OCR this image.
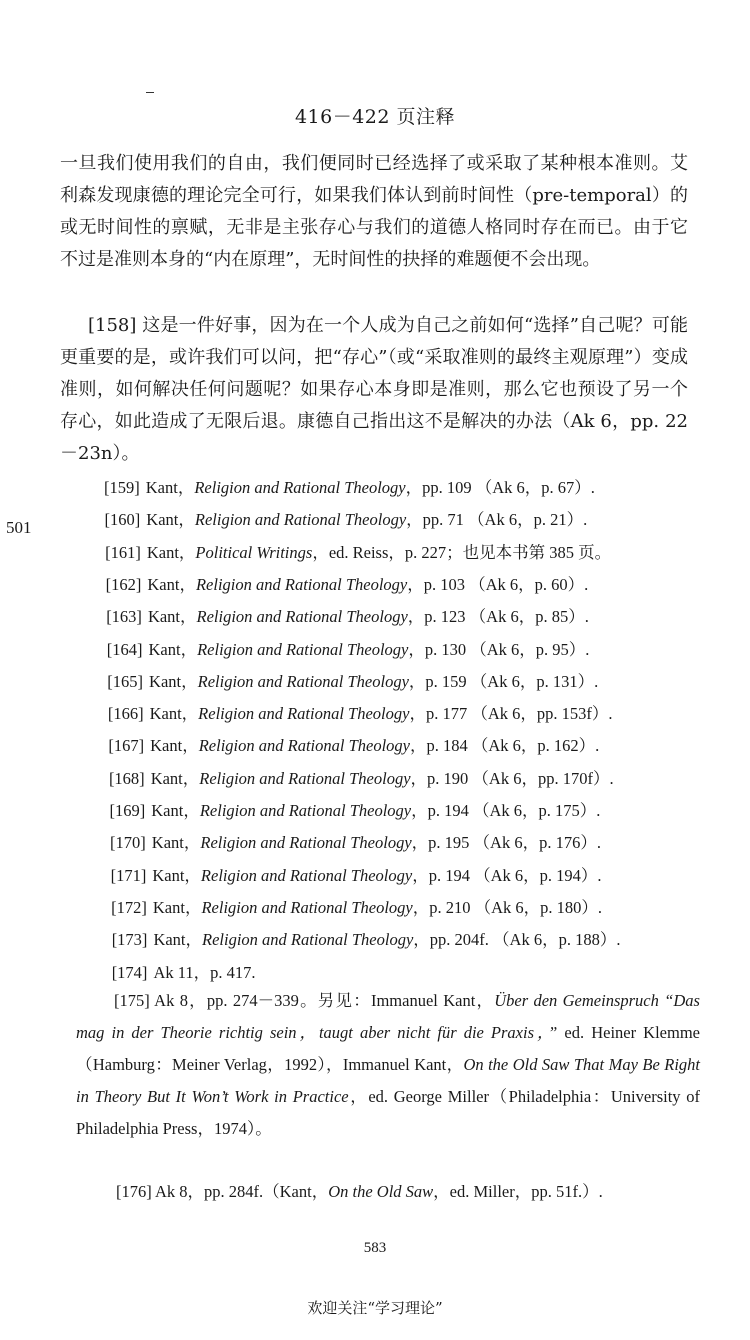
416－422 页注释

一旦我们使用我们的自由，我们便同时已经选择了或采取了某种根本准则。艾利森发现康德的理论完全可行，如果我们体认到前时间性（pre-temporal）的或无时间性的禀赋，无非是主张存心与我们的道德人格同时存在而已。由于它不过是准则本身的“内在原理”，无时间性的抉择的难题便不会出现。

[158] 这是一件好事，因为在一个人成为自己之前如何“选择”自己呢？可能更重要的是，或许我们可以问，把“存心”（或“采取准则的最终主观原理”）变成准则，如何解决任何问题呢？如果存心本身即是准则，那么它也预设了另一个存心，如此造成了无限后退。康德自己指出这不是解决的办法（Ak 6，pp. 22－23n）。

501
[159] Kant，Religion and Rational Theology，pp. 109 （Ak 6，p. 67）.
[160] Kant，Religion and Rational Theology，pp. 71 （Ak 6，p. 21）.
[161] Kant，Political Writings，ed. Reiss，p. 227；也见本书第 385 页。
[162] Kant，Religion and Rational Theology，p. 103 （Ak 6，p. 60）.
[163] Kant，Religion and Rational Theology，p. 123 （Ak 6，p. 85）.
[164] Kant，Religion and Rational Theology，p. 130 （Ak 6，p. 95）.
[165] Kant，Religion and Rational Theology，p. 159 （Ak 6，p. 131）.
[166] Kant，Religion and Rational Theology，p. 177 （Ak 6，pp. 153f）.
[167] Kant，Religion and Rational Theology，p. 184 （Ak 6，p. 162）.
[168] Kant，Religion and Rational Theology，p. 190 （Ak 6，pp. 170f）.
[169] Kant，Religion and Rational Theology，p. 194 （Ak 6，p. 175）.
[170] Kant，Religion and Rational Theology，p. 195 （Ak 6，p. 176）.
[171] Kant，Religion and Rational Theology，p. 194 （Ak 6，p. 194）.
[172] Kant，Religion and Rational Theology，p. 210 （Ak 6，p. 180）.
[173] Kant，Religion and Rational Theology，pp. 204f. （Ak 6，p. 188）.
[174] Ak 11，p. 417.

[175] Ak 8，pp. 274－339。另见：Immanuel Kant，Über den Gemeinspruch “Das mag in der Theorie richtig sein，taugt aber nicht für die Praxis，” ed. Heiner Klemme（Hamburg：Meiner Verlag，1992），Immanuel Kant，On the Old Saw That May Be Right in Theory But It Won’t Work in Practice，ed. George Miller（Philadelphia：University of Philadelphia Press，1974）。

[176] Ak 8，pp. 284f.（Kant，On the Old Saw，ed. Miller，pp. 51f.）.
583
欢迎关注“学习理论”
